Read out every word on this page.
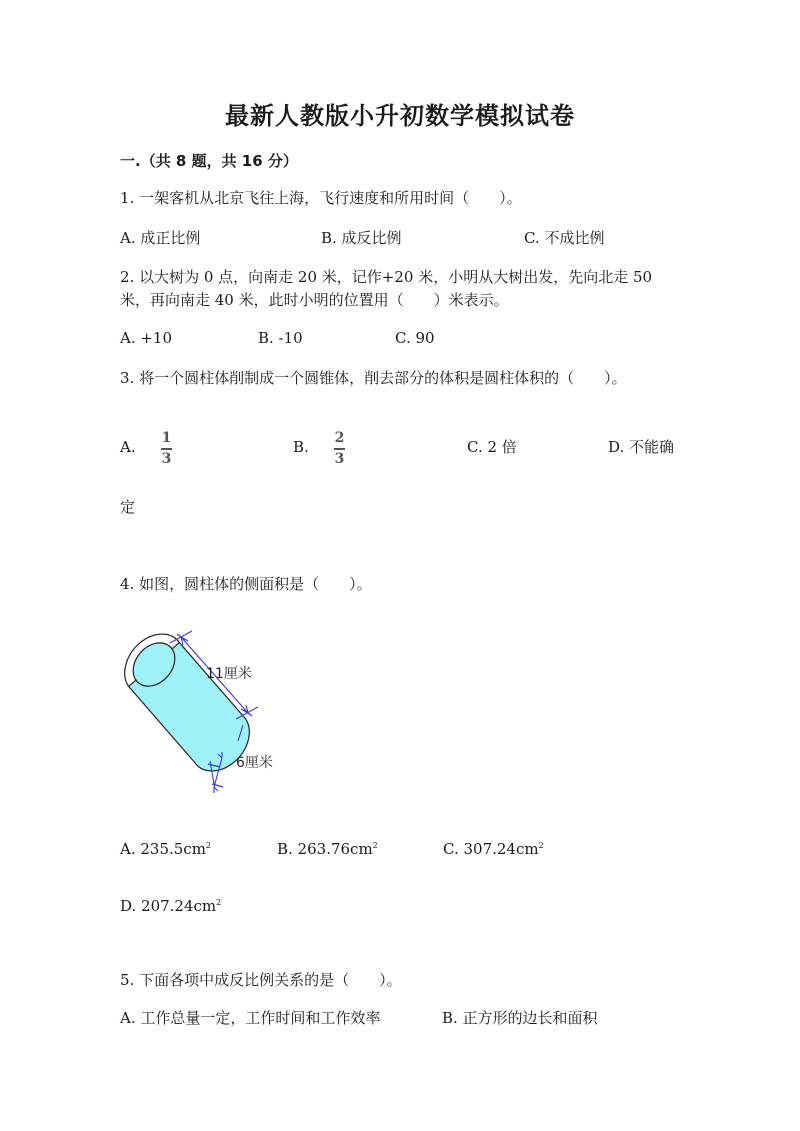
最新人教版小升初数学模拟试卷
一.（共 8 题，共 16 分）
1. 一架客机从北京飞往上海，飞行速度和所用时间（　　）。
A. 成正比例	B. 成反比例	C. 不成比例
2. 以大树为 0 点，向南走 20 米，记作+20 米，小明从大树出发，先向北走 50
米，再向南走 40 米，此时小明的位置用（　　）米表示。
A. +10	B. -10	C. 90
3. 将一个圆柱体削制成一个圆锥体，削去部分的体积是圆柱体积的（　　）。
A. 1
3
B. 2
3
C. 2 倍	D. 不能确
定
4. 如图，圆柱体的侧面积是（　　）。
11厘米
6厘米
A. $235.5cm^2$	B. $263.76cm^2$	C. $307.24cm^2$
D. $207.24cm^2$
5. 下面各项中成反比例关系的是（　　）。
A. 工作总量一定，工作时间和工作效率	B. 正方形的边长和面积
